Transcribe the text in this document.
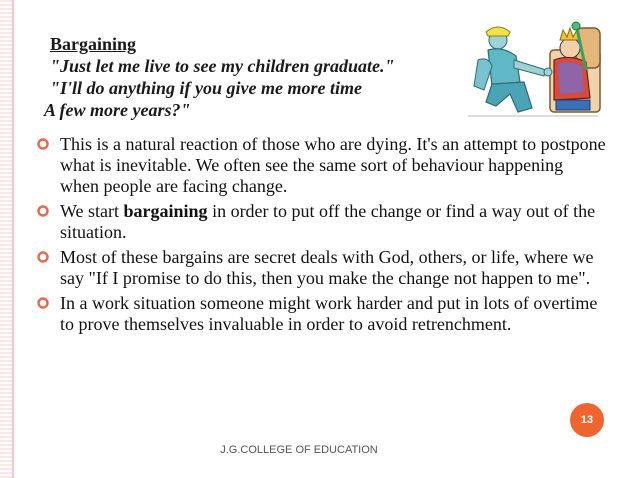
Bargaining
"Just let me live to see my children graduate."
"I'll do anything if you give me more time
A few more years?"
This is a natural reaction of those who are dying. It's an attempt to postpone what is inevitable. We often see the same sort of behaviour happening when people are facing change.
We start bargaining in order to put off the change or find a way out of the situation.
Most of these bargains are secret deals with God, others, or life, where we say "If I promise to do this, then you make the change not happen to me".
In a work situation someone might work harder and put in lots of overtime to prove themselves invaluable in order to avoid retrenchment.
13
J.G.COLLEGE OF EDUCATION
